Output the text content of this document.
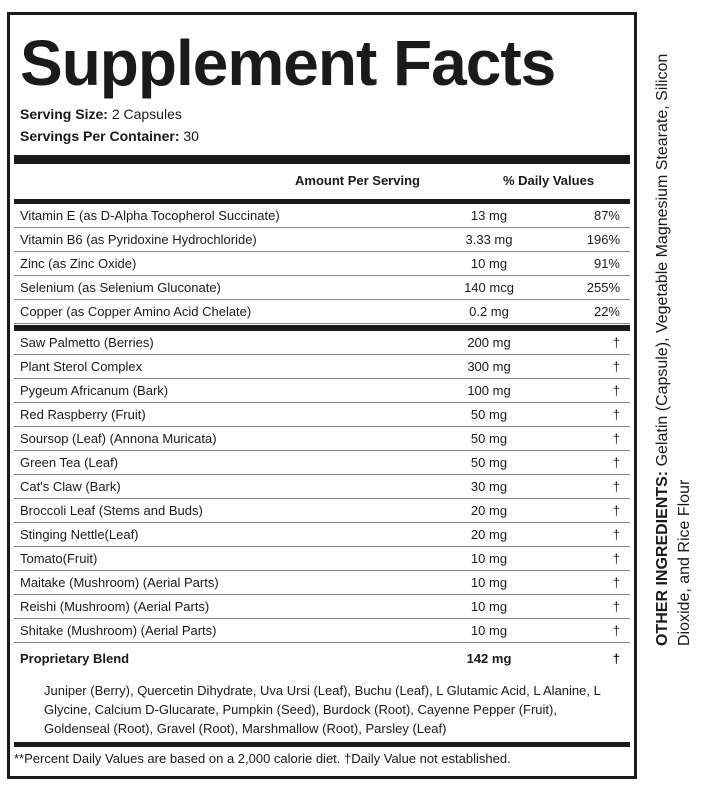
Supplement Facts
Serving Size: 2 Capsules
Servings Per Container: 30
Amount Per Serving	% Daily Values
Vitamin E (as D-Alpha Tocopherol Succinate)	13 mg	87%
Vitamin B6 (as Pyridoxine Hydrochloride)	3.33 mg	196%
Zinc (as Zinc Oxide)	10 mg	91%
Selenium (as Selenium Gluconate)	140 mcg	255%
Copper (as Copper Amino Acid Chelate)	0.2 mg	22%
Saw Palmetto (Berries)	200 mg	†
Plant Sterol Complex	300 mg	†
Pygeum Africanum (Bark)	100 mg	†
Red Raspberry (Fruit)	50 mg	†
Soursop (Leaf) (Annona Muricata)	50 mg	†
Green Tea (Leaf)	50 mg	†
Cat's Claw (Bark)	30 mg	†
Broccoli Leaf (Stems and Buds)	20 mg	†
Stinging Nettle(Leaf)	20 mg	†
Tomato(Fruit)	10 mg	†
Maitake (Mushroom) (Aerial Parts)	10 mg	†
Reishi (Mushroom) (Aerial Parts)	10 mg	†
Shitake (Mushroom) (Aerial Parts)	10 mg	†
Proprietary Blend	142 mg	†
Juniper (Berry), Quercetin Dihydrate, Uva Ursi (Leaf), Buchu (Leaf), L Glutamic Acid, L Alanine, L Glycine, Calcium D-Glucarate, Pumpkin (Seed), Burdock (Root), Cayenne Pepper (Fruit), Goldenseal (Root), Gravel (Root), Marshmallow (Root), Parsley (Leaf)
**Percent Daily Values are based on a 2,000 calorie diet. †Daily Value not established.
OTHER INGREDIENTS: Gelatin (Capsule), Vegetable Magnesium Stearate, Silicon Dioxide, and Rice Flour
